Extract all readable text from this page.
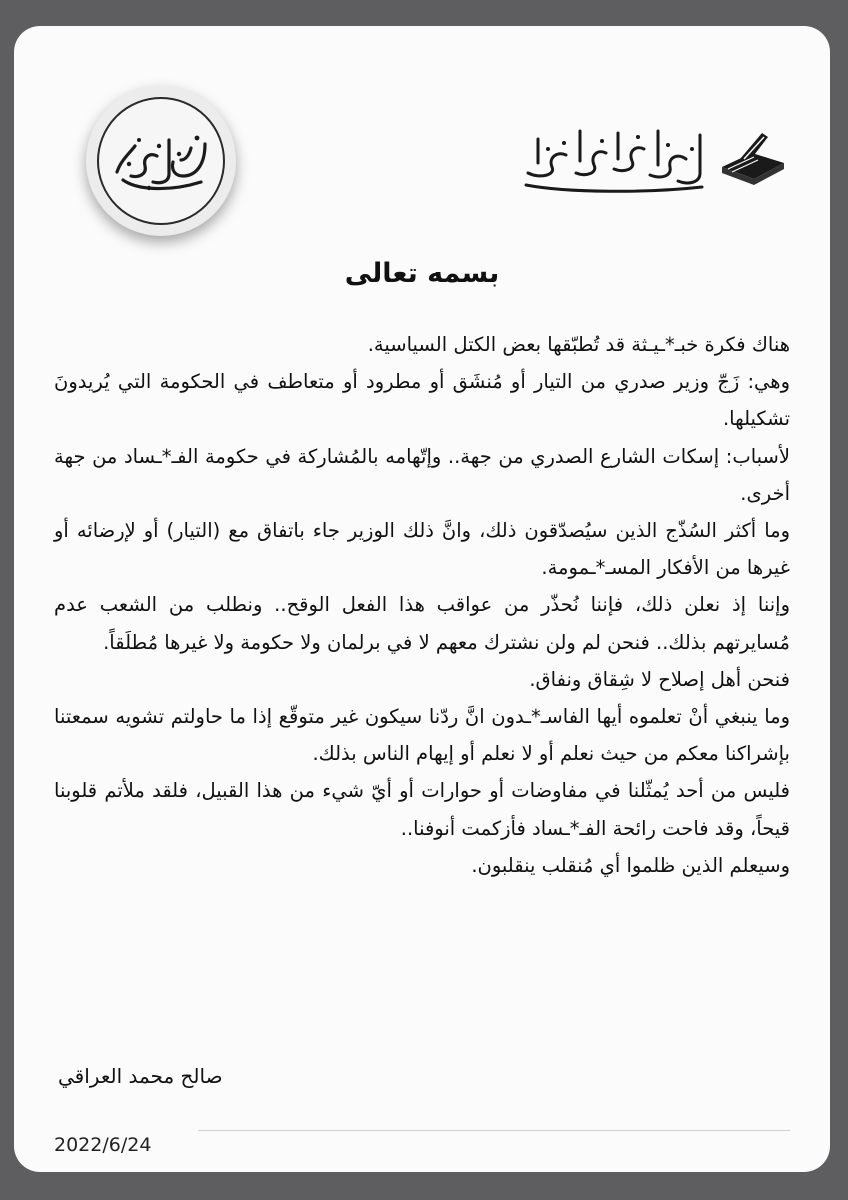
بسمه تعالى

هناك فكرة خبـ*ـيـثة قد تُطبّقها بعض الكتل السياسية.

وهي: زَجّ وزير صدري من التيار أو مُنشَق أو مطرود أو متعاطف في الحكومة التي يُريدونَ تشكيلها.

لأسباب: إسكات الشارع الصدري من جهة.. وإتّهامه بالمُشاركة في حكومة الفـ*ـساد من جهة أخرى.

وما أكثر السُذّج الذين سيُصدّقون ذلك، وانَّ ذلك الوزير جاء باتفاق مع (التيار) أو لإرضائه أو غيرها من الأفكار المسـ*ـمومة.

وإننا إذ نعلن ذلك، فإننا نُحذّر من عواقب هذا الفعل الوقح.. ونطلب من الشعب عدم مُسايرتهم بذلك.. فنحن لم ولن نشترك معهم لا في برلمان ولا حكومة ولا غيرها مُطلَقاً.

فنحن أهل إصلاح لا شِقاق ونفاق.

وما ينبغي أنْ تعلموه أيها الفاسـ*ـدون انَّ ردّنا سيكون غير متوقّع إذا ما حاولتم تشويه سمعتنا بإشراكنا معكم من حيث نعلم أو لا نعلم أو إيهام الناس بذلك.

فليس من أحد يُمثّلنا في مفاوضات أو حوارات أو أيّ شيء من هذا القبيل، فلقد ملأتم قلوبنا قيحاً، وقد فاحت رائحة الفـ*ـساد فأزكمت أنوفنا..

وسيعلم الذين ظلموا أي مُنقلب ينقلبون.

صالح محمد العراقي
2022/6/24
